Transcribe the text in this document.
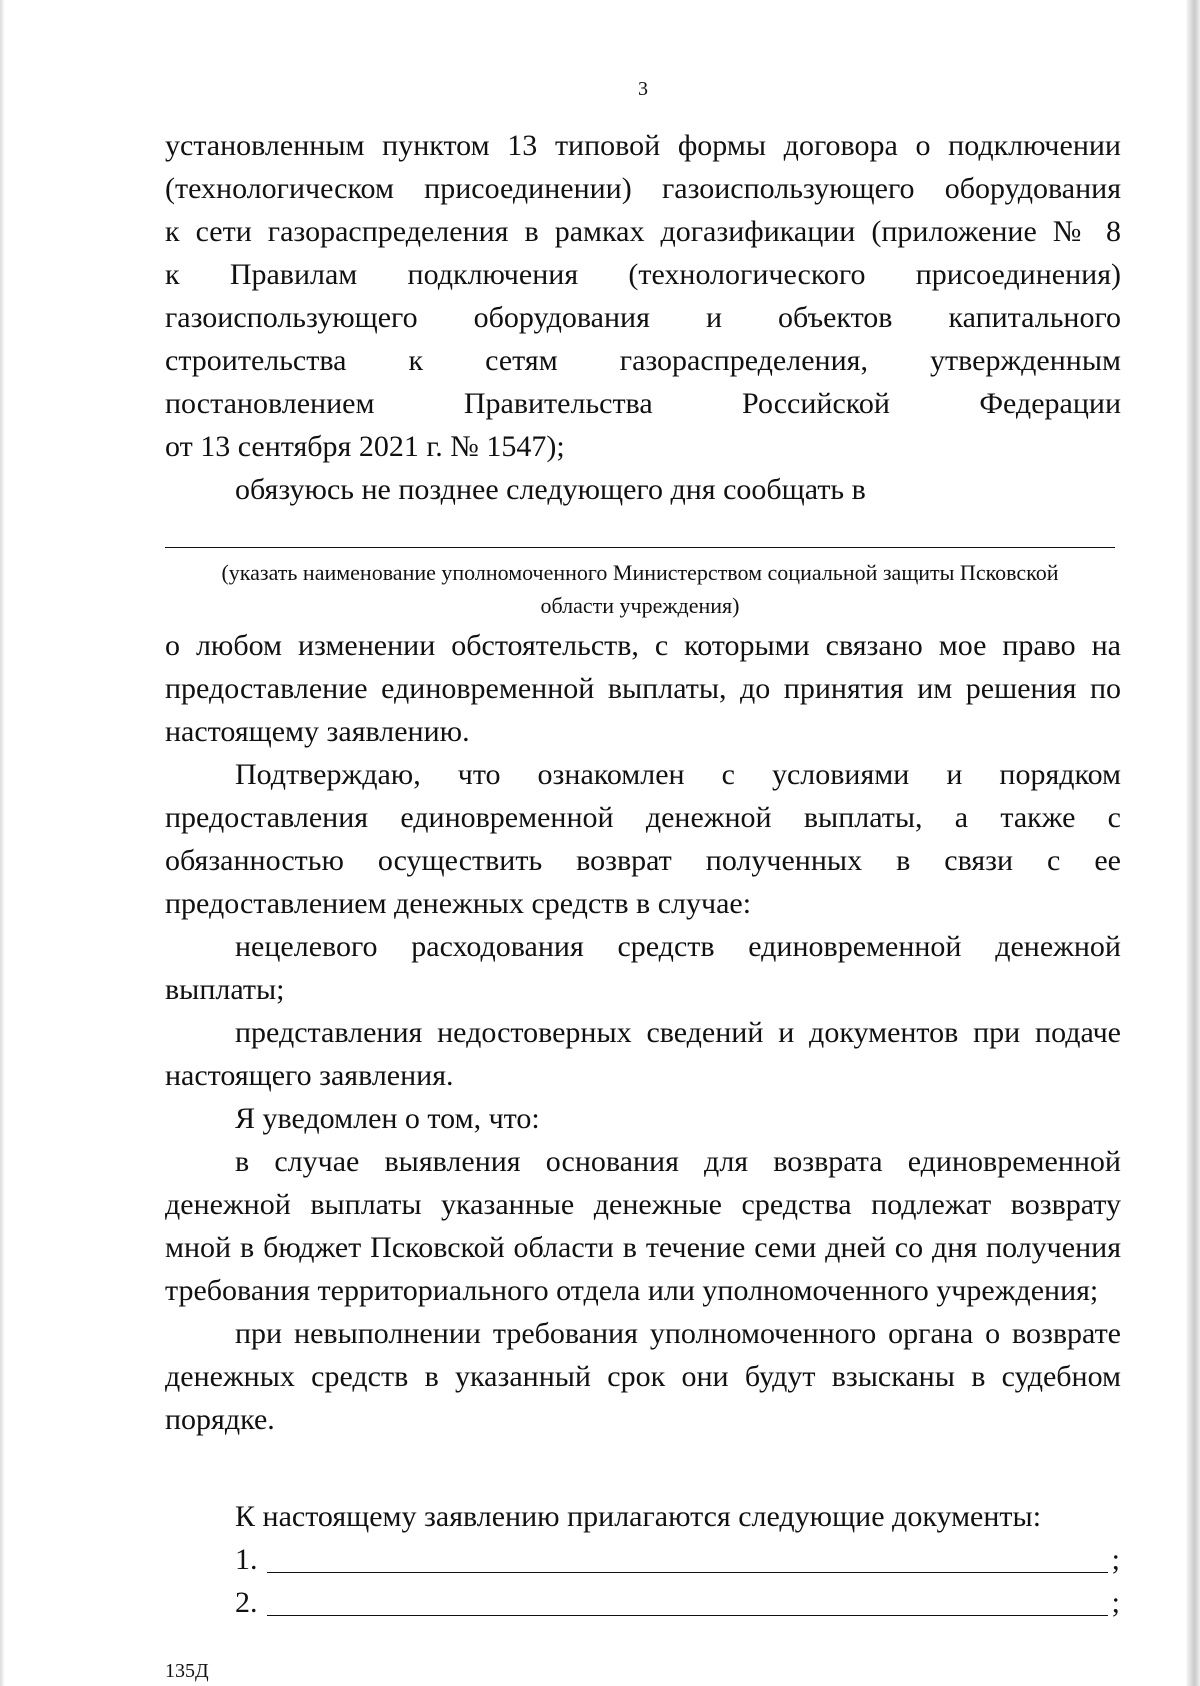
3

установленным пунктом 13 типовой формы договора о подключении

(технологическом присоединении) газоиспользующего оборудования

к сети газораспределения в рамках догазификации (приложение № 8

к Правилам подключения (технологического присоединения)

газоиспользующего оборудования и объектов капитального

строительства к сетям газораспределения, утвержденным

постановлением Правительства Российской Федерации

от 13 сентября 2021 г. № 1547);

обязуюсь не позднее следующего дня сообщать в

(указать наименование уполномоченного Министерством социальной защиты Псковской

области учреждения)

о любом изменении обстоятельств, с которыми связано мое право на

предоставление единовременной выплаты, до принятия им решения по

настоящему заявлению.

Подтверждаю, что ознакомлен с условиями и порядком

предоставления единовременной денежной выплаты, а также с

обязанностью осуществить возврат полученных в связи с ее

предоставлением денежных средств в случае:

нецелевого расходования средств единовременной денежной

выплаты;

представления недостоверных сведений и документов при подаче

настоящего заявления.

Я уведомлен о том, что:

в случае выявления основания для возврата единовременной

денежной выплаты указанные денежные средства подлежат возврату

мной в бюджет Псковской области в течение семи дней со дня получения

требования территориального отдела или уполномоченного учреждения;

при невыполнении требования уполномоченного органа о возврате

денежных средств в указанный срок они будут взысканы в судебном

порядке.

К настоящему заявлению прилагаются следующие документы:

1.	;
2.	;
135Д
